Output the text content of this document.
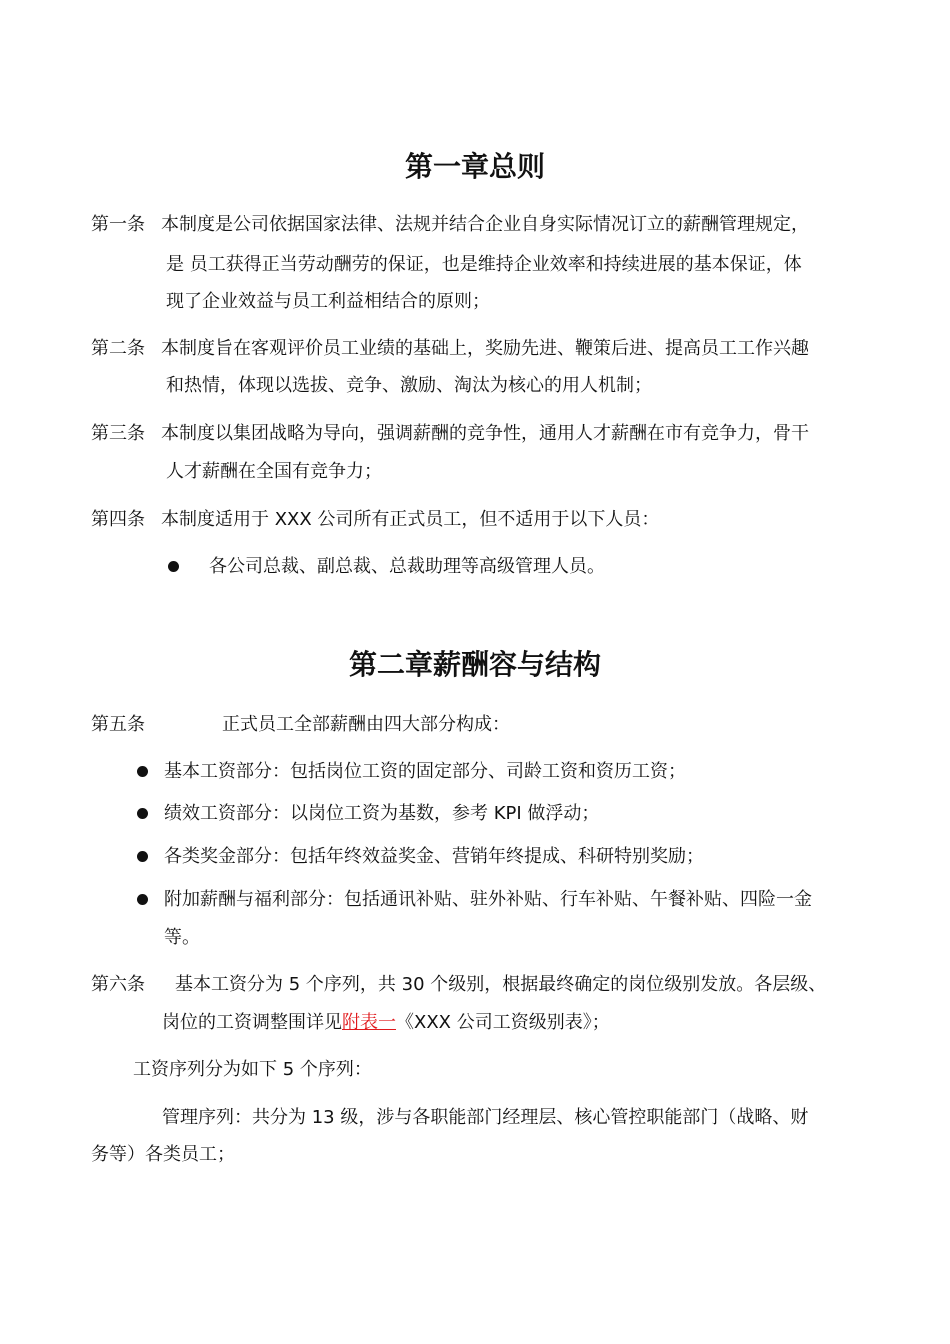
第一章总则
第一条 本制度是公司依据国家法律、法规并结合企业自身实际情况订立的薪酬管理规定，
是 员工获得正当劳动酬劳的保证，也是维持企业效率和持续进展的基本保证，体
现了企业效益与员工利益相结合的原则；
第二条 本制度旨在客观评价员工业绩的基础上，奖励先进、鞭策后进、提高员工工作兴趣
和热情，体现以选拔、竞争、激励、淘汰为核心的用人机制；
第三条 本制度以集团战略为导向，强调薪酬的竞争性，通用人才薪酬在市有竞争力，骨干
人才薪酬在全国有竞争力；
第四条 本制度适用于 XXX 公司所有正式员工，但不适用于以下人员：
各公司总裁、副总裁、总裁助理等高级管理人员。
第二章薪酬容与结构
第五条	正式员工全部薪酬由四大部分构成：
基本工资部分：包括岗位工资的固定部分、司龄工资和资历工资；
绩效工资部分：以岗位工资为基数，参考 KPI 做浮动；
各类奖金部分：包括年终效益奖金、营销年终提成、科研特别奖励；
附加薪酬与福利部分：包括通讯补贴、驻外补贴、行车补贴、午餐补贴、四险一金
等。
第六条 基本工资分为 5 个序列，共 30 个级别，根据最终确定的岗位级别发放。各层级、
岗位的工资调整围详见附表一《XXX 公司工资级别表》；
工资序列分为如下 5 个序列：
管理序列：共分为 13 级，涉与各职能部门经理层、核心管控职能部门（战略、财
务等）各类员工；
